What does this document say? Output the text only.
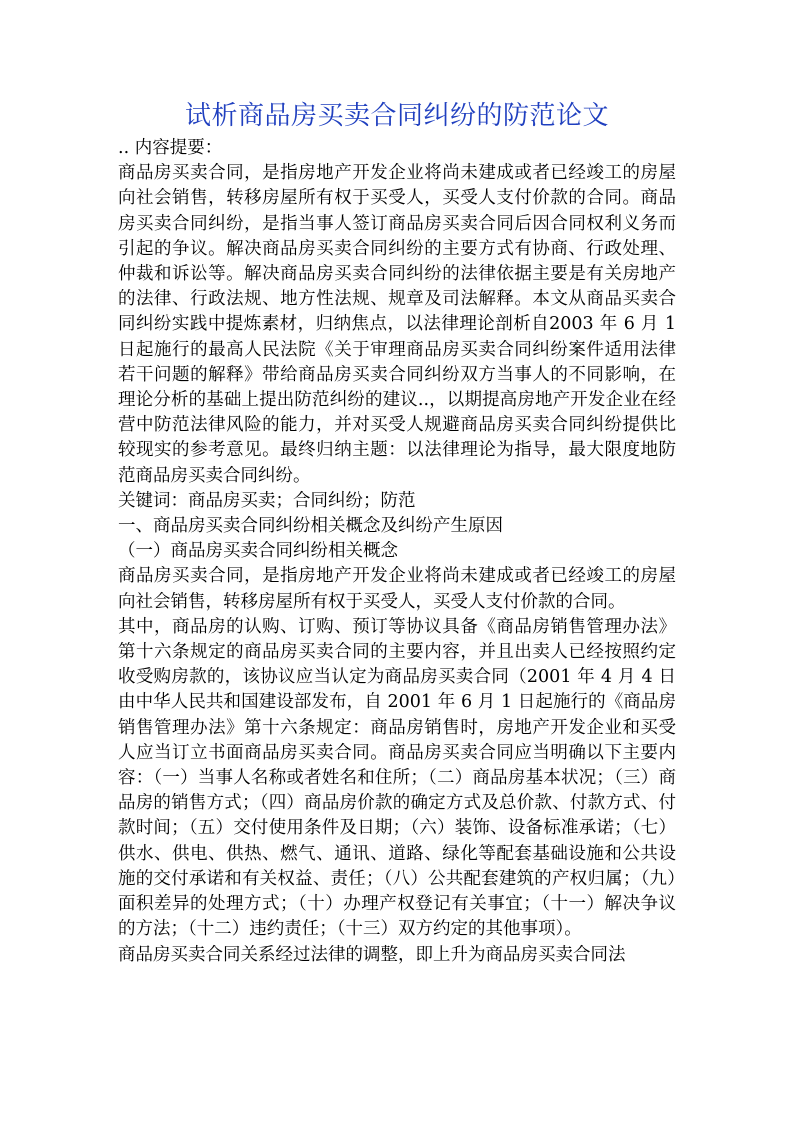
试析商品房买卖合同纠纷的防范论文

.. 内容提要：

商品房买卖合同，是指房地产开发企业将尚未建成或者已经竣工的房屋向社会销售，转移房屋所有权于买受人，买受人支付价款的合同。商品房买卖合同纠纷，是指当事人签订商品房买卖合同后因合同权利义务而引起的争议。解决商品房买卖合同纠纷的主要方式有协商、行政处理、仲裁和诉讼等。解决商品房买卖合同纠纷的法律依据主要是有关房地产的法律、行政法规、地方性法规、规章及司法解释。本文从商品买卖合同纠纷实践中提炼素材，归纳焦点，以法律理论剖析自2003 年 6 月 1 日起施行的最高人民法院《关于审理商品房买卖合同纠纷案件适用法律若干问题的解释》带给商品房买卖合同纠纷双方当事人的不同影响，在理论分析的基础上提出防范纠纷的建议..，以期提高房地产开发企业在经营中防范法律风险的能力，并对买受人规避商品房买卖合同纠纷提供比较现实的参考意见。最终归纳主题：以法律理论为指导，最大限度地防范商品房买卖合同纠纷。

关键词：商品房买卖；合同纠纷；防范

一、商品房买卖合同纠纷相关概念及纠纷产生原因

（一）商品房买卖合同纠纷相关概念

商品房买卖合同，是指房地产开发企业将尚未建成或者已经竣工的房屋向社会销售，转移房屋所有权于买受人，买受人支付价款的合同。

其中，商品房的认购、订购、预订等协议具备《商品房销售管理办法》第十六条规定的商品房买卖合同的主要内容，并且出卖人已经按照约定收受购房款的，该协议应当认定为商品房买卖合同（2001 年 4 月 4 日由中华人民共和国建设部发布，自 2001 年 6 月 1 日起施行的《商品房销售管理办法》第十六条规定：商品房销售时，房地产开发企业和买受人应当订立书面商品房买卖合同。商品房买卖合同应当明确以下主要内容：（一）当事人名称或者姓名和住所；（二）商品房基本状况；（三）商品房的销售方式；（四）商品房价款的确定方式及总价款、付款方式、付款时间；（五）交付使用条件及日期；（六）装饰、设备标准承诺；（七）供水、供电、供热、燃气、通讯、道路、绿化等配套基础设施和公共设施的交付承诺和有关权益、责任；（八）公共配套建筑的产权归属；（九）面积差异的处理方式；（十）办理产权登记有关事宜；（十一）解决争议的方法；（十二）违约责任；（十三）双方约定的其他事项）。

商品房买卖合同关系经过法律的调整，即上升为商品房买卖合同法
